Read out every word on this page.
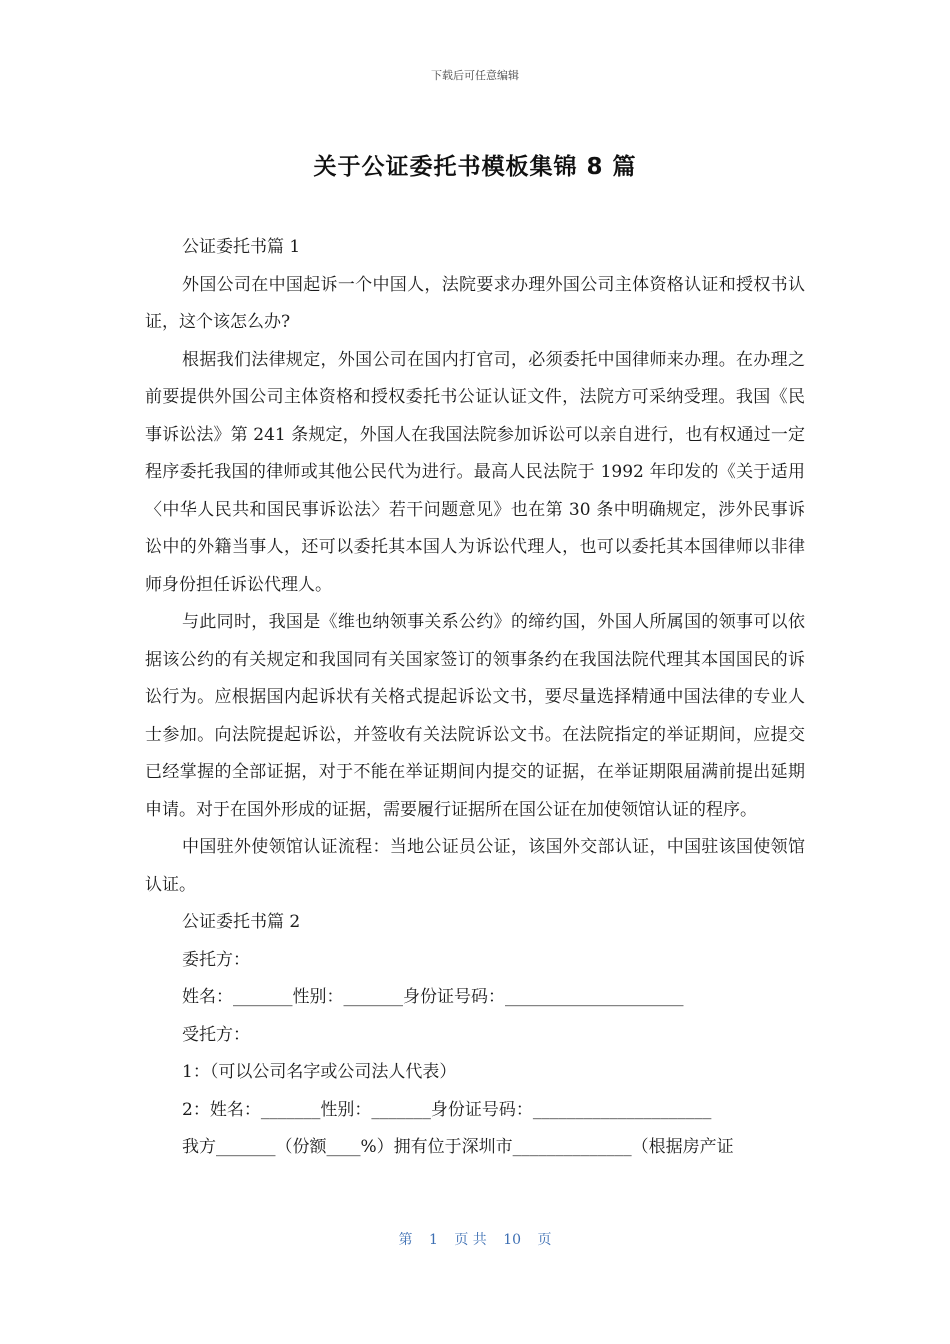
下载后可任意编辑
关于公证委托书模板集锦 8 篇

公证委托书篇 1

外国公司在中国起诉一个中国人，法院要求办理外国公司主体资格认证和授权书认证，这个该怎么办?

根据我们法律规定，外国公司在国内打官司，必须委托中国律师来办理。在办理之前要提供外国公司主体资格和授权委托书公证认证文件，法院方可采纳受理。我国《民事诉讼法》第 241 条规定，外国人在我国法院参加诉讼可以亲自进行，也有权通过一定程序委托我国的律师或其他公民代为进行。最高人民法院于 1992 年印发的《关于适用〈中华人民共和国民事诉讼法〉若干问题意见》也在第 30 条中明确规定，涉外民事诉讼中的外籍当事人，还可以委托其本国人为诉讼代理人，也可以委托其本国律师以非律师身份担任诉讼代理人。

与此同时，我国是《维也纳领事关系公约》的缔约国，外国人所属国的领事可以依据该公约的有关规定和我国同有关国家签订的领事条约在我国法院代理其本国国民的诉讼行为。应根据国内起诉状有关格式提起诉讼文书，要尽量选择精通中国法律的专业人士参加。向法院提起诉讼，并签收有关法院诉讼文书。在法院指定的举证期间，应提交已经掌握的全部证据，对于不能在举证期间内提交的证据，在举证期限届满前提出延期申请。对于在国外形成的证据，需要履行证据所在国公证在加使领馆认证的程序。

中国驻外使领馆认证流程：当地公证员公证，该国外交部认证，中国驻该国使领馆认证。

公证委托书篇 2

委托方：

姓名：_______性别：_______身份证号码：_____________________

受托方：

1：（可以公司名字或公司法人代表）

2：姓名：_______性别：_______身份证号码：_____________________

我方_______（份额____%）拥有位于深圳市______________（根据房产证

第 1 页 共 10 页
